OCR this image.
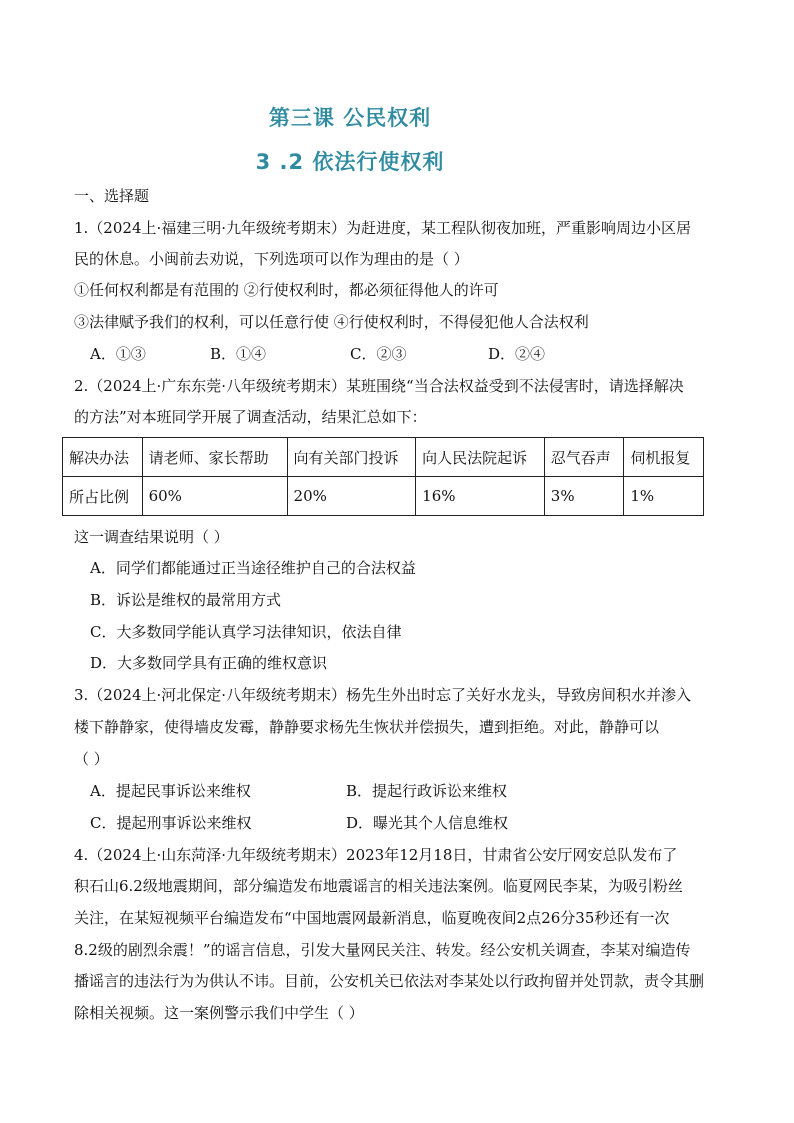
第三课 公民权利
3 .2 依法行使权利
一、选择题
1.（2024上·福建三明·九年级统考期末）为赶进度，某工程队彻夜加班，严重影响周边小区居
民的休息。小闽前去劝说，下列选项可以作为理由的是（ ）
①任何权利都是有范围的 ②行使权利时，都必须征得他人的许可
③法律赋予我们的权利，可以任意行使 ④行使权利时，不得侵犯他人合法权利
A．①③	B．①④	C．②③	D．②④
2.（2024上·广东东莞·八年级统考期末）某班围绕“当合法权益受到不法侵害时，请选择解决
的方法”对本班同学开展了调查活动，结果汇总如下：
解决办法	请老师、家长帮助	向有关部门投诉	向人民法院起诉	忍气吞声	伺机报复
所占比例	60%	20%	16%	3%	1%
这一调查结果说明（ ）
A．同学们都能通过正当途径维护自己的合法权益
B．诉讼是维权的最常用方式
C．大多数同学能认真学习法律知识，依法自律
D．大多数同学具有正确的维权意识
3.（2024上·河北保定·八年级统考期末）杨先生外出时忘了关好水龙头，导致房间积水并渗入
楼下静静家，使得墙皮发霉，静静要求杨先生恢状并偿损失，遭到拒绝。对此，静静可以
（ ）
A．提起民事诉讼来维权	B．提起行政诉讼来维权
C．提起刑事诉讼来维权	D．曝光其个人信息维权
4.（2024上·山东菏泽·九年级统考期末）2023年12月18日，甘肃省公安厅网安总队发布了
积石山6.2级地震期间，部分编造发布地震谣言的相关违法案例。临夏网民李某，为吸引粉丝
关注，在某短视频平台编造发布“中国地震网最新消息，临夏晚夜间2点26分35秒还有一次
8.2级的剧烈余震！”的谣言信息，引发大量网民关注、转发。经公安机关调查，李某对编造传
播谣言的违法行为为供认不讳。目前，公安机关已依法对李某处以行政拘留并处罚款，责令其删
除相关视频。这一案例警示我们中学生（ ）
